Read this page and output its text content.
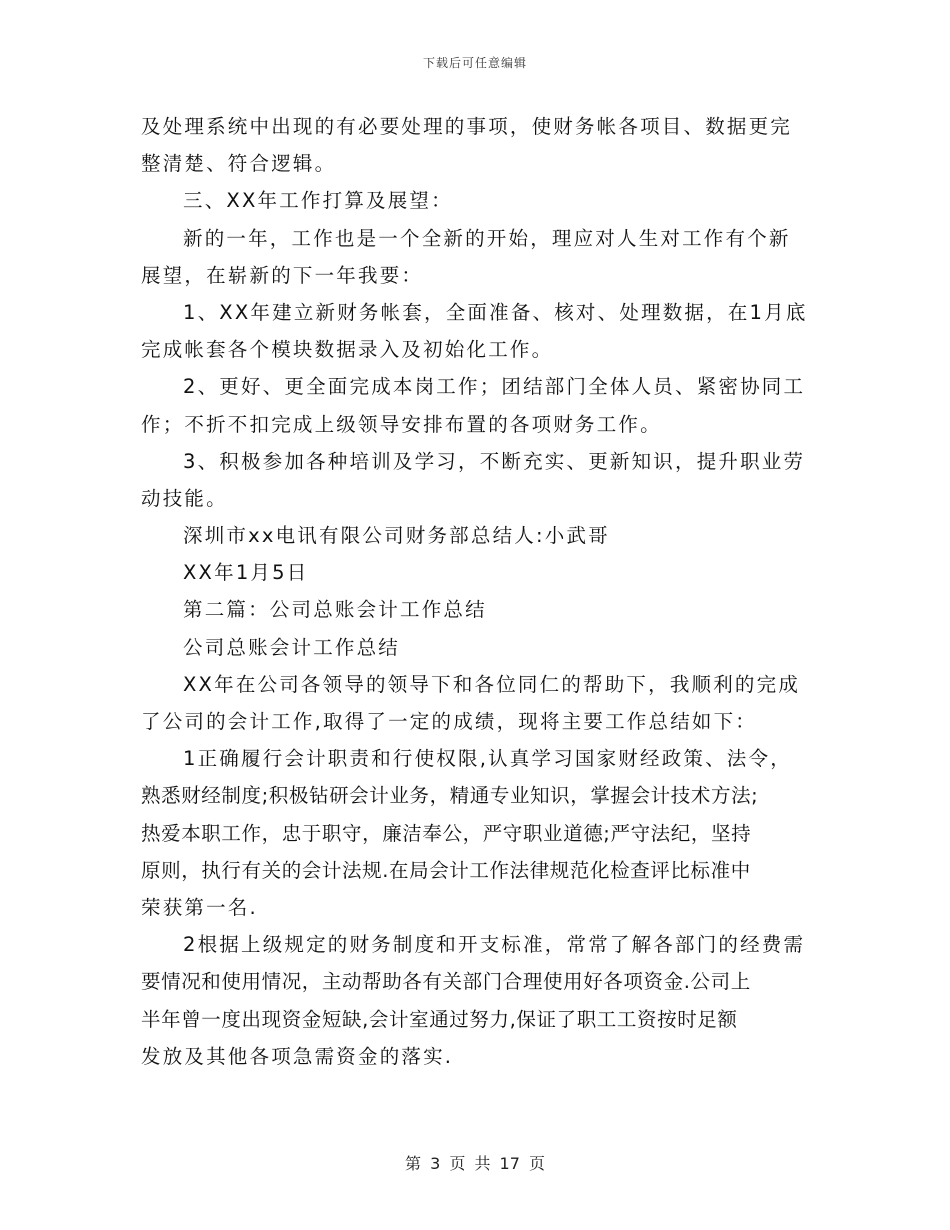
下载后可任意编辑
及处理系统中出现的有必要处理的事项，使财务帐各项目、数据更完
整清楚、符合逻辑。
三、XX年工作打算及展望：
新的一年，工作也是一个全新的开始，理应对人生对工作有个新
展望，在崭新的下一年我要：
1、XX年建立新财务帐套，全面准备、核对、处理数据，在1月底
完成帐套各个模块数据录入及初始化工作。
2、更好、更全面完成本岗工作；团结部门全体人员、紧密协同工
作；不折不扣完成上级领导安排布置的各项财务工作。
3、积极参加各种培训及学习，不断充实、更新知识，提升职业劳
动技能。
深圳市xx电讯有限公司财务部总结人:小武哥
XX年1月5日
第二篇：公司总账会计工作总结
公司总账会计工作总结
XX年在公司各领导的领导下和各位同仁的帮助下，我顺利的完成
了公司的会计工作,取得了一定的成绩，现将主要工作总结如下：
1正确履行会计职责和行使权限,认真学习国家财经政策、法令，
熟悉财经制度;积极钻研会计业务，精通专业知识，掌握会计技术方法;
热爱本职工作，忠于职守，廉洁奉公，严守职业道德;严守法纪，坚持
原则，执行有关的会计法规.在局会计工作法律规范化检查评比标准中
荣获第一名.
2根据上级规定的财务制度和开支标准，常常了解各部门的经费需
要情况和使用情况，主动帮助各有关部门合理使用好各项资金.公司上
半年曾一度出现资金短缺,会计室通过努力,保证了职工工资按时足额
发放及其他各项急需资金的落实.
第 3 页 共 17 页
